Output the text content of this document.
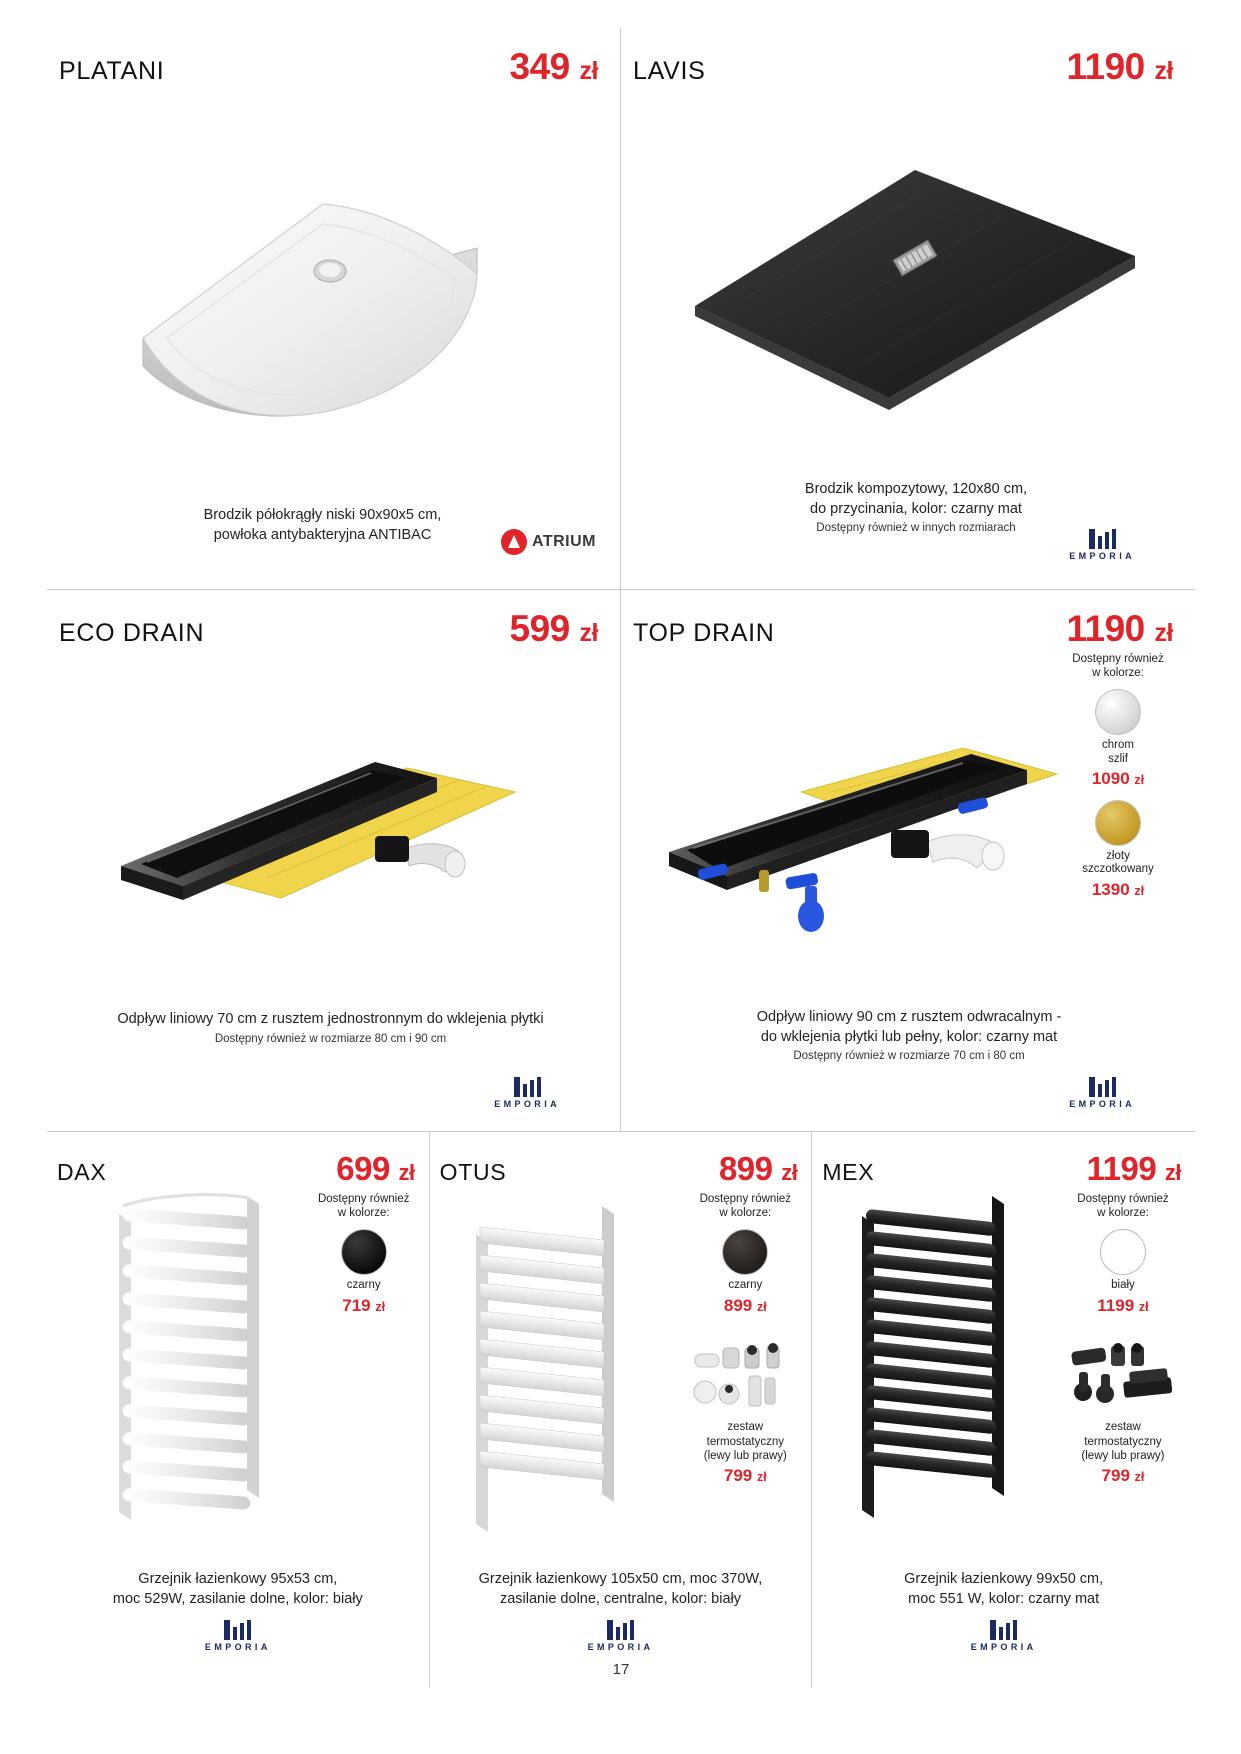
PLATANI	349 zł
Brodzik półokrągły niski 90x90x5 cm,
powłoka antybakteryjna ANTIBAC	ATRIUM
LAVIS	1190 zł
Brodzik kompozytowy, 120x80 cm,
do przycinania, kolor: czarny mat
Dostępny również w innych rozmiarach
EMPORIA
ECO DRAIN	599 zł
Odpływ liniowy 70 cm z rusztem jednostronnym do wklejenia płytki
Dostępny również w rozmiarze 80 cm i 90 cm
EMPORIA
TOP DRAIN	1190 zł
Dostępny również
w kolorze:
chrom
szlif
1090 zł
złoty
szczotkowany
1390 zł
Odpływ liniowy 90 cm z rusztem odwracalnym -
do wklejenia płytki lub pełny, kolor: czarny mat
Dostępny również w rozmiarze 70 cm i 80 cm
EMPORIA
DAX	699 zł
Dostępny również
w kolorze:
czarny
719 zł
Grzejnik łazienkowy 95x53 cm,
moc 529W, zasilanie dolne, kolor: biały
EMPORIA
OTUS	899 zł
Dostępny również
w kolorze:
czarny
899 zł
zestaw termostatyczny
(lewy lub prawy)
799 zł
Grzejnik łazienkowy 105x50 cm, moc 370W,
zasilanie dolne, centralne, kolor: biały
EMPORIA
MEX	1199 zł
Dostępny również
w kolorze:
biały
1199 zł
zestaw termostatyczny
(lewy lub prawy)
799 zł
Grzejnik łazienkowy 99x50 cm,
moc 551 W, kolor: czarny mat
EMPORIA
17
